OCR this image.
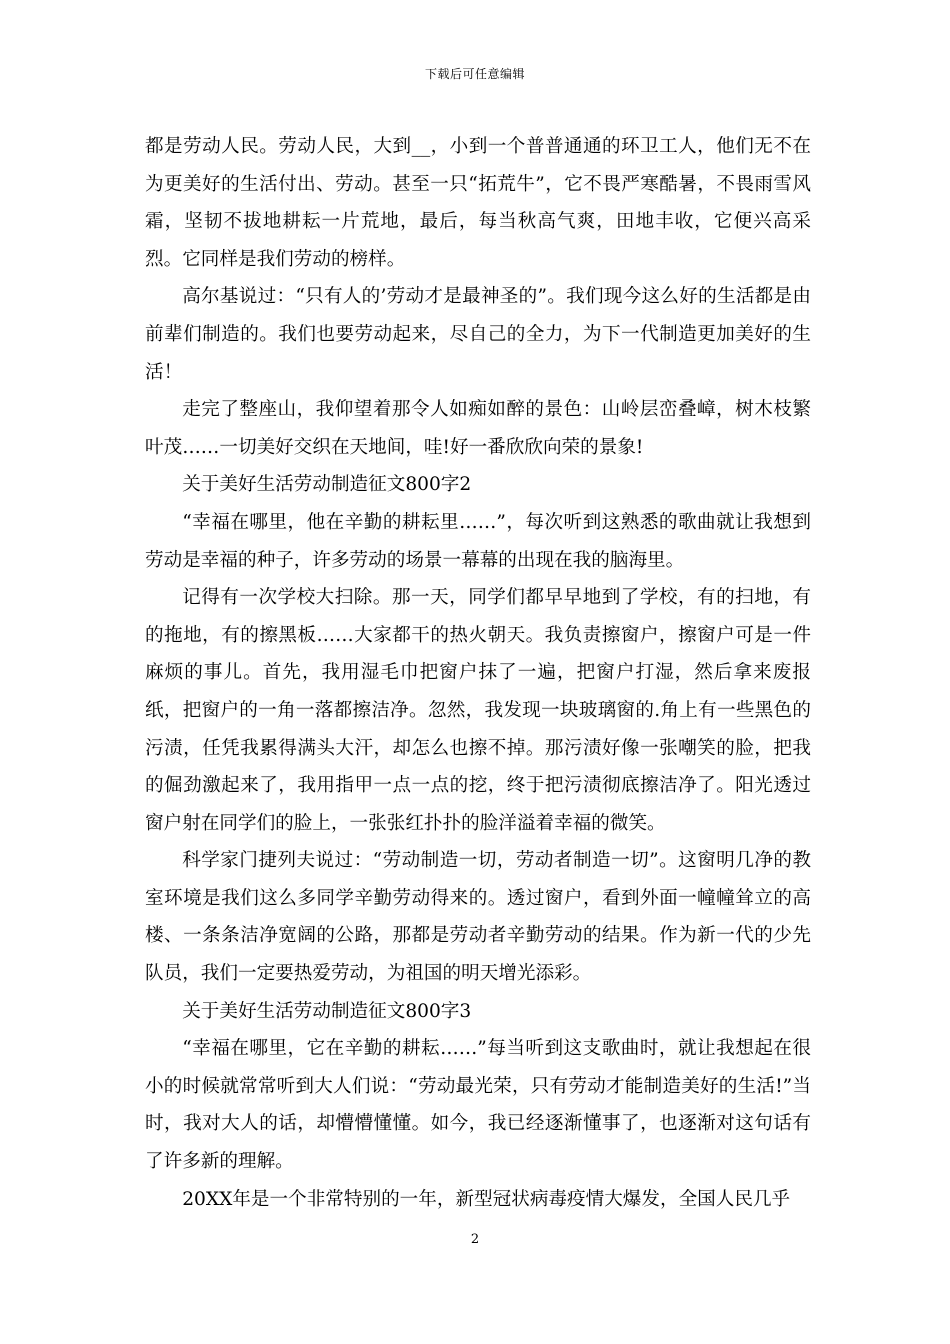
下载后可任意编辑

都是劳动人民。劳动人民，大到__，小到一个普普通通的环卫工人，他们无不在为更美好的生活付出、劳动。甚至一只“拓荒牛”，它不畏严寒酷暑，不畏雨雪风霜，坚韧不拔地耕耘一片荒地，最后，每当秋高气爽，田地丰收，它便兴高采烈。它同样是我们劳动的榜样。

高尔基说过：“只有人的’劳动才是最神圣的”。我们现今这么好的生活都是由前辈们制造的。我们也要劳动起来，尽自己的全力，为下一代制造更加美好的生活！

走完了整座山，我仰望着那令人如痴如醉的景色：山岭层峦叠嶂，树木枝繁叶茂……一切美好交织在天地间，哇!好一番欣欣向荣的景象!

关于美好生活劳动制造征文800字2

“幸福在哪里，他在辛勤的耕耘里……”，每次听到这熟悉的歌曲就让我想到劳动是幸福的种子，许多劳动的场景一幕幕的出现在我的脑海里。

记得有一次学校大扫除。那一天，同学们都早早地到了学校，有的扫地，有的拖地，有的擦黑板……大家都干的热火朝天。我负责擦窗户，擦窗户可是一件麻烦的事儿。首先，我用湿毛巾把窗户抹了一遍，把窗户打湿，然后拿来废报纸，把窗户的一角一落都擦洁净。忽然，我发现一块玻璃窗的.角上有一些黑色的污渍，任凭我累得满头大汗，却怎么也擦不掉。那污渍好像一张嘲笑的脸，把我的倔劲激起来了，我用指甲一点一点的挖，终于把污渍彻底擦洁净了。阳光透过窗户射在同学们的脸上，一张张红扑扑的脸洋溢着幸福的微笑。

科学家门捷列夫说过：“劳动制造一切，劳动者制造一切”。这窗明几净的教室环境是我们这么多同学辛勤劳动得来的。透过窗户，看到外面一幢幢耸立的高楼、一条条洁净宽阔的公路，那都是劳动者辛勤劳动的结果。作为新一代的少先队员，我们一定要热爱劳动，为祖国的明天增光添彩。

关于美好生活劳动制造征文800字3

“幸福在哪里，它在辛勤的耕耘……”每当听到这支歌曲时，就让我想起在很小的时候就常常听到大人们说：“劳动最光荣，只有劳动才能制造美好的生活!”当时，我对大人的话，却懵懵懂懂。如今，我已经逐渐懂事了，也逐渐对这句话有了许多新的理解。

20XX年是一个非常特别的一年，新型冠状病毒疫情大爆发，全国人民几乎

2
